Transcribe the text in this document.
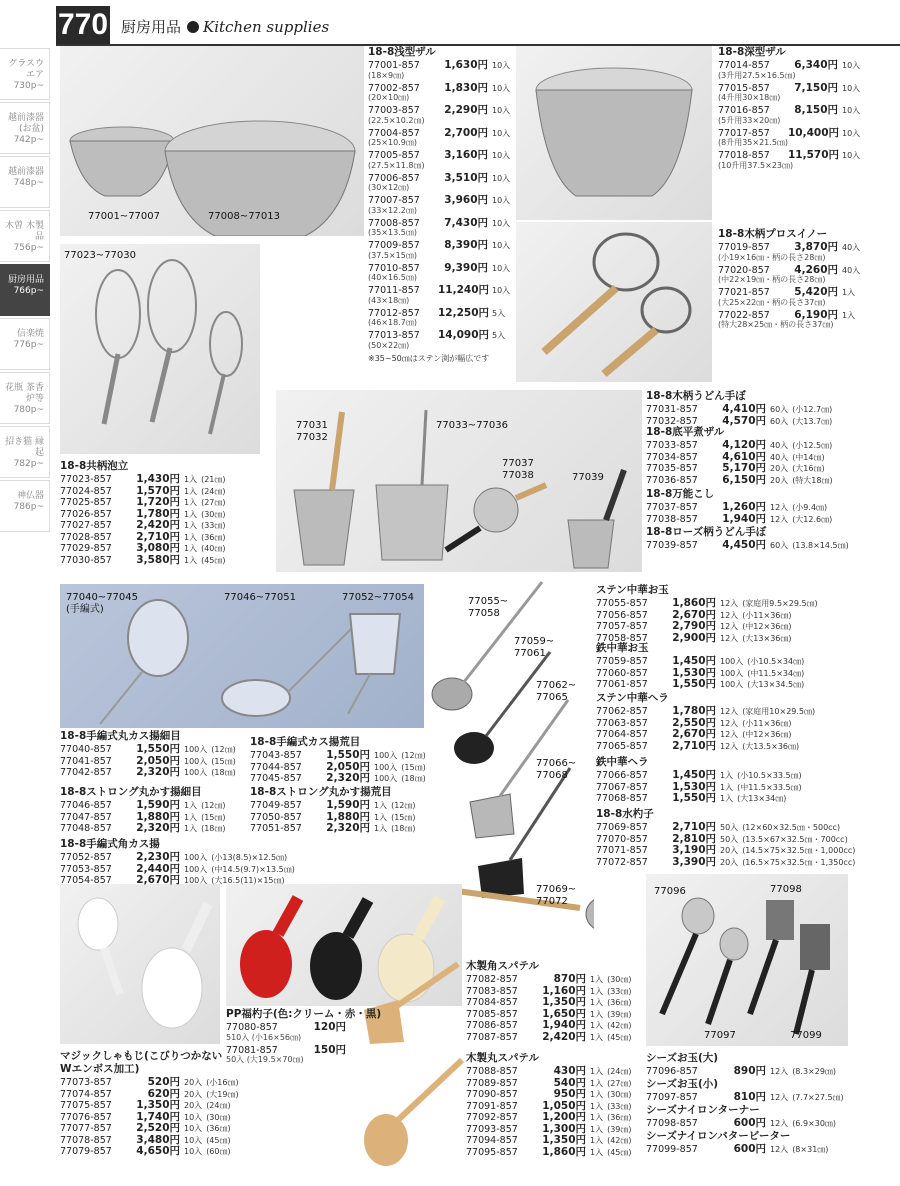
770 厨房用品 Kitchen supplies
グラスウエア
730p~
越前漆器 (お盆)
742p~
越前漆器
748p~
木曽 木製品
756p~
厨房用品
766p~
信楽焼
776p~
花瓶 茶香炉等
780p~
招き猫 縁起
782p~
神仏器
786p~
77001~77007	77008~77013
77023~77030
77031
77032
77033~77036
77037
77038	77039
77040~77045
(手編式)
77046~77051	77052~77054	77055~
77058
77059~
77061
77062~
77065
77066~
77068
77069~
77072
77096	77098
77097	77099
18-8浅型ザル
77001-857 1,630円 10入
(18×9㎝)
77002-857 1,830円 10入
(20×10㎝)
77003-857 2,290円 10入
(22.5×10.2㎝)
77004-857 2,700円 10入
(25×10.9㎝)
77005-857 3,160円 10入
(27.5×11.8㎝)
77006-857 3,510円 10入
(30×12㎝)
77007-857 3,960円 10入
(33×12.2㎝)
77008-857 7,430円 10入
(35×13.5㎝)
77009-857 8,390円 10入
(37.5×15㎝)
77010-857 9,390円 10入
(40×16.5㎝)
77011-857 11,240円 10入
(43×18㎝)
77012-857 12,250円 5入
(46×18.7㎝)
77013-857 14,090円 5入
(50×22㎝)
※35~50㎝はステン渕が幅広です
18-8深型ザル
77014-857 6,340円 10入
(3升用27.5×16.5㎝)
77015-857 7,150円 10入
(4升用30×18㎝)
77016-857 8,150円 10入
(5升用33×20㎝)
77017-857 10,400円 10入
(8升用35×21.5㎝)
77018-857 11,570円 10入
(10升用37.5×23㎝)
18-8木柄プロスイノー
77019-857 3,870円 40入
(小19×16㎝・柄の長さ28㎝)
77020-857 4,260円 40入
(中22×19㎝・柄の長さ28㎝)
77021-857 5,420円 1入
(大25×22㎝・柄の長さ37㎝)
77022-857 6,190円 1入
(特大28×25㎝・柄の長さ37㎝)
18-8共柄泡立
77023-857 1,430円 1入 (21㎝)
77024-857 1,570円 1入 (24㎝)
77025-857 1,720円 1入 (27㎝)
77026-857 1,780円 1入 (30㎝)
77027-857 2,420円 1入 (33㎝)
77028-857 2,710円 1入 (36㎝)
77029-857 3,080円 1入 (40㎝)
77030-857 3,580円 1入 (45㎝)
18-8木柄うどん手ぼ
77031-857 4,410円 60入 (小12.7㎝)
77032-857 4,570円 60入 (大13.7㎝)
18-8底平煮ザル
77033-857 4,120円 40入 (小12.5㎝)
77034-857 4,610円 40入 (中14㎝)
77035-857 5,170円 20入 (大16㎝)
77036-857 6,150円 20入 (特大18㎝)
18-8万能こし
77037-857 1,260円 12入 (小9.4㎝)
77038-857 1,940円 12入 (大12.6㎝)
18-8ローズ柄うどん手ぼ
77039-857 4,450円 60入 (13.8×14.5㎝)
18-8手編式丸カス揚細目
77040-857 1,550円 100入 (12㎝)
77041-857 2,050円 100入 (15㎝)
77042-857 2,320円 100入 (18㎝)
18-8手編式カス揚荒目
77043-857 1,550円 100入 (12㎝)
77044-857 2,050円 100入 (15㎝)
77045-857 2,320円 100入 (18㎝)
18-8ストロング丸かす揚細目
77046-857 1,590円 1入 (12㎝)
77047-857 1,880円 1入 (15㎝)
77048-857 2,320円 1入 (18㎝)
18-8ストロング丸かす揚荒目
77049-857 1,590円 1入 (12㎝)
77050-857 1,880円 1入 (15㎝)
77051-857 2,320円 1入 (18㎝)
18-8手編式角カス揚
77052-857 2,230円 100入 (小13(8.5)×12.5㎝)
77053-857 2,440円 100入 (中14.5(9.7)×13.5㎝)
77054-857 2,670円 100入 (大16.5(11)×15㎝)
ステン中華お玉
77055-857 1,860円 12入 (家庭用9.5×29.5㎝)
77056-857 2,670円 12入 (小11×36㎝)
77057-857 2,790円 12入 (中12×36㎝)
77058-857 2,900円 12入 (大13×36㎝)
鉄中華お玉
77059-857 1,450円 100入 (小10.5×34㎝)
77060-857 1,530円 100入 (中11.5×34㎝)
77061-857 1,550円 100入 (大13×34.5㎝)
ステン中華ヘラ
77062-857 1,780円 12入 (家庭用10×29.5㎝)
77063-857 2,550円 12入 (小11×36㎝)
77064-857 2,670円 12入 (中12×36㎝)
77065-857 2,710円 12入 (大13.5×36㎝)
鉄中華ヘラ
77066-857 1,450円 1入 (小10.5×33.5㎝)
77067-857 1,530円 1入 (中11.5×33.5㎝)
77068-857 1,550円 1入 (大13×34㎝)
18-8水杓子
77069-857 2,710円 50入 (12×60×32.5㎝・500cc)
77070-857 2,810円 50入 (13.5×67×32.5㎝・700cc)
77071-857 3,190円 20入 (14.5×75×32.5㎝・1,000cc)
77072-857 3,390円 20入 (16.5×75×32.5㎝・1,350cc)
マジックしゃもじ(こびりつかない
Wエンボス加工)
77073-857	520円 20入 (小16㎝)
77074-857	620円 20入 (大19㎝)
77075-857 1,350円 20入 (24㎝)
77076-857 1,740円 10入 (30㎝)
77077-857 2,520円 10入 (36㎝)
77078-857 3,480円 10入 (45㎝)
77079-857 4,650円 10入 (60㎝)
PP福杓子(色:クリーム・赤・黒)
77080-857	120円
510入 (小16×56㎝)
77081-857	150円
50入 (大19.5×70㎝)
木製角スパテル
77082-857	870円 1入 (30㎝)
77083-857 1,160円 1入 (33㎝)
77084-857 1,350円 1入 (36㎝)
77085-857 1,650円 1入 (39㎝)
77086-857 1,940円 1入 (42㎝)
77087-857 2,420円 1入 (45㎝)
木製丸スパテル
77088-857	430円 1入 (24㎝)
77089-857	540円 1入 (27㎝)
77090-857	950円 1入 (30㎝)
77091-857 1,050円 1入 (33㎝)
77092-857 1,200円 1入 (36㎝)
77093-857 1,300円 1入 (39㎝)
77094-857 1,350円 1入 (42㎝)
77095-857 1,860円 1入 (45㎝)
シーズお玉(大)
77096-857	890円 12入 (8.3×29㎝)
シーズお玉(小)
77097-857	810円 12入 (7.7×27.5㎝)
シーズナイロンターナー
77098-857	600円 12入 (6.9×30㎝)
シーズナイロンバタービーター
77099-857	600円 12入 (8×31㎝)
